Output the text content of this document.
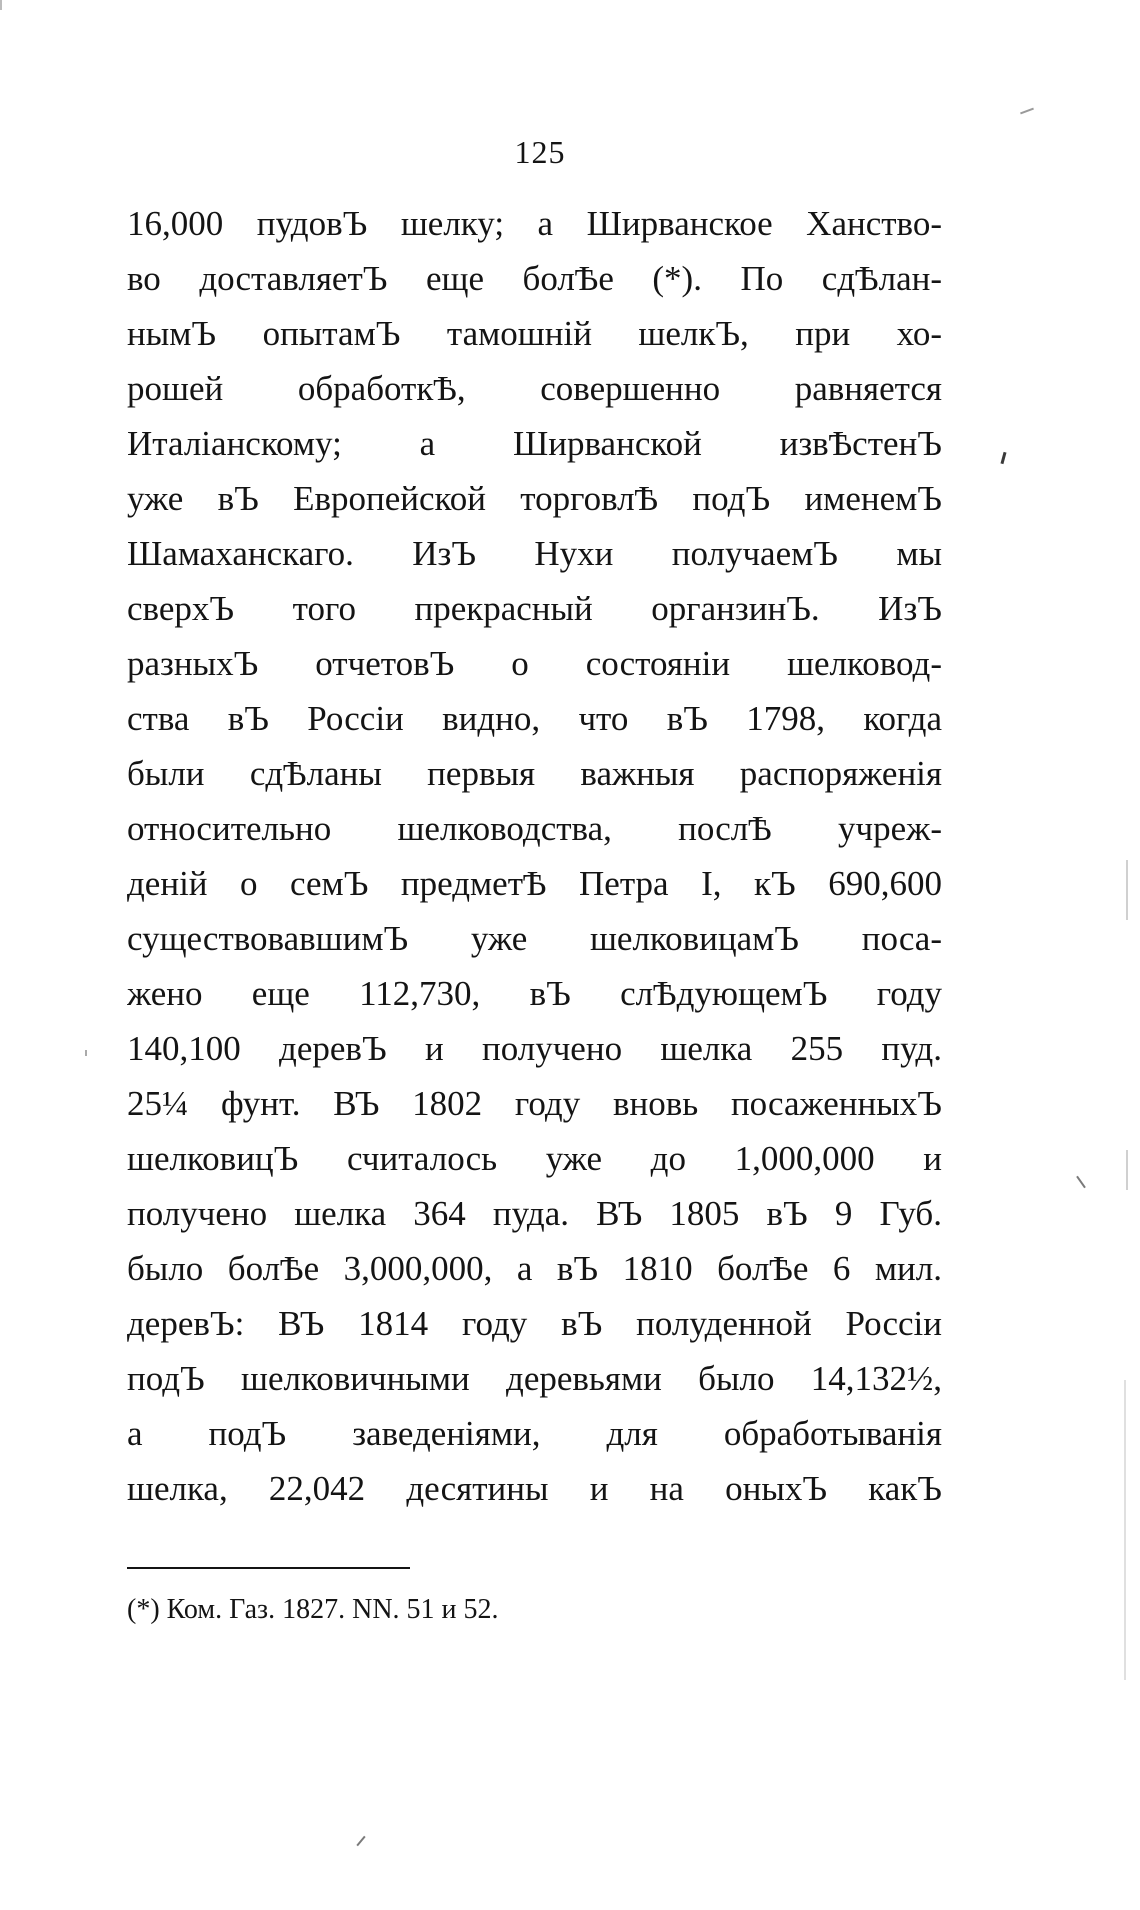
125
16,000 пудовЪ шелку; а Ширванское Ханство-
во доставляетЪ еще болѢе (*). По сдѢлан-
нымЪ опытамЪ тамошній шелкЪ, при хо-
рошей обработкѢ, совершенно равняется
Италіанскому; а Ширванской извѢстенЪ
уже вЪ Европейской торговлѢ подЪ именемЪ
Шамаханскаго. ИзЪ Нухи получаемЪ мы
сверхЪ того прекрасный органзинЪ. ИзЪ
разныхЪ отчетовЪ о состояніи шелковод-
ства вЪ Россіи видно, что вЪ 1798, когда
были сдѢланы первыя важныя распоряженія
относительно шелководства, послѢ учреж-
деній о семЪ предметѢ Петра I, кЪ 690,600
существовавшимЪ уже шелковицамЪ поса-
жено еще 112,730, вЪ слѢдующемЪ году
140,100 деревЪ и получено шелка 255 пуд.
25¼ фунт. ВЪ 1802 году вновь посаженныхЪ
шелковицЪ считалось уже до 1,000,000 и
получено шелка 364 пуда. ВЪ 1805 вЪ 9 Губ.
было болѢе 3,000,000, а вЪ 1810 болѢе 6 мил.
деревЪ: ВЪ 1814 году вЪ полуденной Россіи
подЪ шелковичными деревьями было 14,132½,
а подЪ заведеніями, для обработыванія
шелка, 22,042 десятины и на оныхЪ какЪ
(*) Ком. Газ. 1827. NN. 51 и 52.
